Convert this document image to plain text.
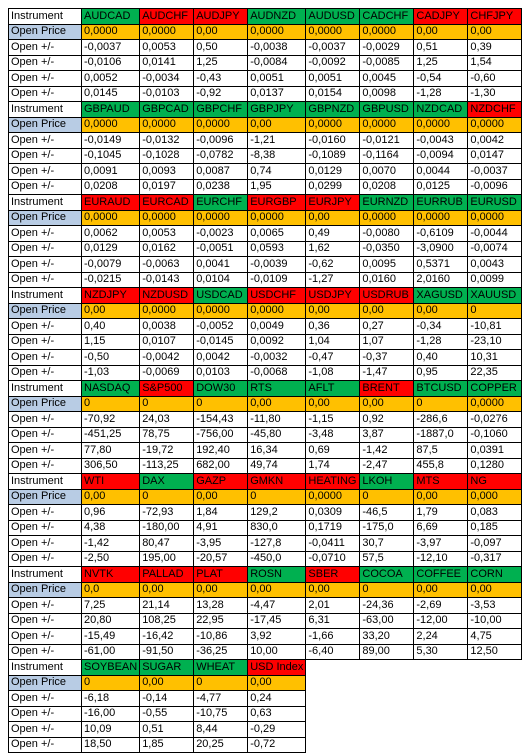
Instrument	AUDCAD	AUDCHF	AUDJPY	AUDNZD	AUDUSD	CADCHF	CADJPY	CHFJPY
Open Price	0,0000	0,0000	0,00	0,0000	0,0000	0,0000	0,00	0,00
Open +/-	-0,0037	0,0053	0,50	-0,0038	-0,0037	-0,0029	0,51	0,39
Open +/-	-0,0106	0,0141	1,25	-0,0084	-0,0092	-0,0085	1,25	1,54
Open +/-	0,0052	-0,0034	-0,43	0,0051	0,0051	0,0045	-0,54	-0,60
Open +/-	0,0145	-0,0103	-0,92	0,0137	0,0154	0,0098	-1,28	-1,30
Instrument	GBPAUD	GBPCAD	GBPCHF	GBPJPY	GBPNZD	GBPUSD	NZDCAD	NZDCHF
Open Price	0,0000	0,0000	0,0000	0,00	0,0000	0,0000	0,0000	0,0000
Open +/-	-0,0149	-0,0132	-0,0096	-1,21	-0,0160	-0,0121	-0,0043	0,0042
Open +/-	-0,1045	-0,1028	-0,0782	-8,38	-0,1089	-0,1164	-0,0094	0,0147
Open +/-	0,0091	0,0093	0,0087	0,74	0,0129	0,0070	0,0044	-0,0037
Open +/-	0,0208	0,0197	0,0238	1,95	0,0299	0,0208	0,0125	-0,0096
Instrument	EURAUD	EURCAD	EURCHF	EURGBP	EURJPY	EURNZD	EURRUB	EURUSD
Open Price	0,0000	0,0000	0,0000	0,0000	0,00	0,0000	0,0000	0,0000
Open +/-	0,0062	0,0053	-0,0023	0,0065	0,49	-0,0080	-0,6109	-0,0044
Open +/-	0,0129	0,0162	-0,0051	0,0593	1,62	-0,0350	-3,0900	-0,0074
Open +/-	-0,0079	-0,0063	0,0041	-0,0039	-0,62	0,0095	0,5371	0,0043
Open +/-	-0,0215	-0,0143	0,0104	-0,0109	-1,27	0,0160	2,0160	0,0099
Instrument	NZDJPY	NZDUSD	USDCAD	USDCHF	USDJPY	USDRUB	XAGUSD	XAUUSD
Open Price	0,00	0,0000	0,0000	0,0000	0,00	0,00	0,00	0
Open +/-	0,40	0,0038	-0,0052	0,0049	0,36	0,27	-0,34	-10,81
Open +/-	1,15	0,0107	-0,0145	0,0092	1,04	1,07	-1,28	-23,10
Open +/-	-0,50	-0,0042	0,0042	-0,0032	-0,47	-0,37	0,40	10,31
Open +/-	-1,03	-0,0069	0,0103	-0,0068	-1,08	-1,47	0,95	22,35
Instrument	NASDAQ	S&P500	DOW30	RTS	AFLT	BRENT	BTCUSD	COPPER
Open Price	0	0	0	0,00	0,00	0,00	0	0,0000
Open +/-	-70,92	24,03	-154,43	-11,80	-1,15	0,92	-286,6	-0,0276
Open +/-	-451,25	78,75	-756,00	-45,80	-3,48	3,87	-1887,0	-0,1060
Open +/-	77,80	-19,72	192,40	16,34	0,69	-1,42	87,5	0,0391
Open +/-	306,50	-113,25	682,00	49,74	1,74	-2,47	455,8	0,1280
Instrument	WTI	DAX	GAZP	GMKN	HEATING	LKOH	MTS	NG
Open Price	0,00	0	0,00	0	0,0000	0	0,00	0,000
Open +/-	0,96	-72,93	1,84	129,2	0,0309	-46,5	1,79	0,083
Open +/-	4,38	-180,00	4,91	830,0	0,1719	-175,0	6,69	0,185
Open +/-	-1,42	80,47	-3,95	-127,8	-0,0411	30,7	-3,97	-0,097
Open +/-	-2,50	195,00	-20,57	-450,0	-0,0710	57,5	-12,10	-0,317
Instrument	NVTK	PALLAD	PLAT	ROSN	SBER	COCOA	COFFEE	CORN
Open Price	0,0	0,00	0,00	0,00	0,00	0	0,00	0,00
Open +/-	7,25	21,14	13,28	-4,47	2,01	-24,36	-2,69	-3,53
Open +/-	20,80	108,25	22,95	-17,45	6,31	-63,00	-12,00	-10,00
Open +/-	-15,49	-16,42	-10,86	3,92	-1,66	33,20	2,24	4,75
Open +/-	-61,00	-91,50	-36,25	10,00	-6,40	89,00	5,30	12,50
Instrument	SOYBEAN	SUGAR	WHEAT	USD Index				
Open Price	0	0,00	0	0,00				
Open +/-	-6,18	-0,14	-4,77	0,24				
Open +/-	-16,00	-0,55	-10,75	0,63				
Open +/-	10,09	0,51	8,44	-0,29				
Open +/-	18,50	1,85	20,25	-0,72				
